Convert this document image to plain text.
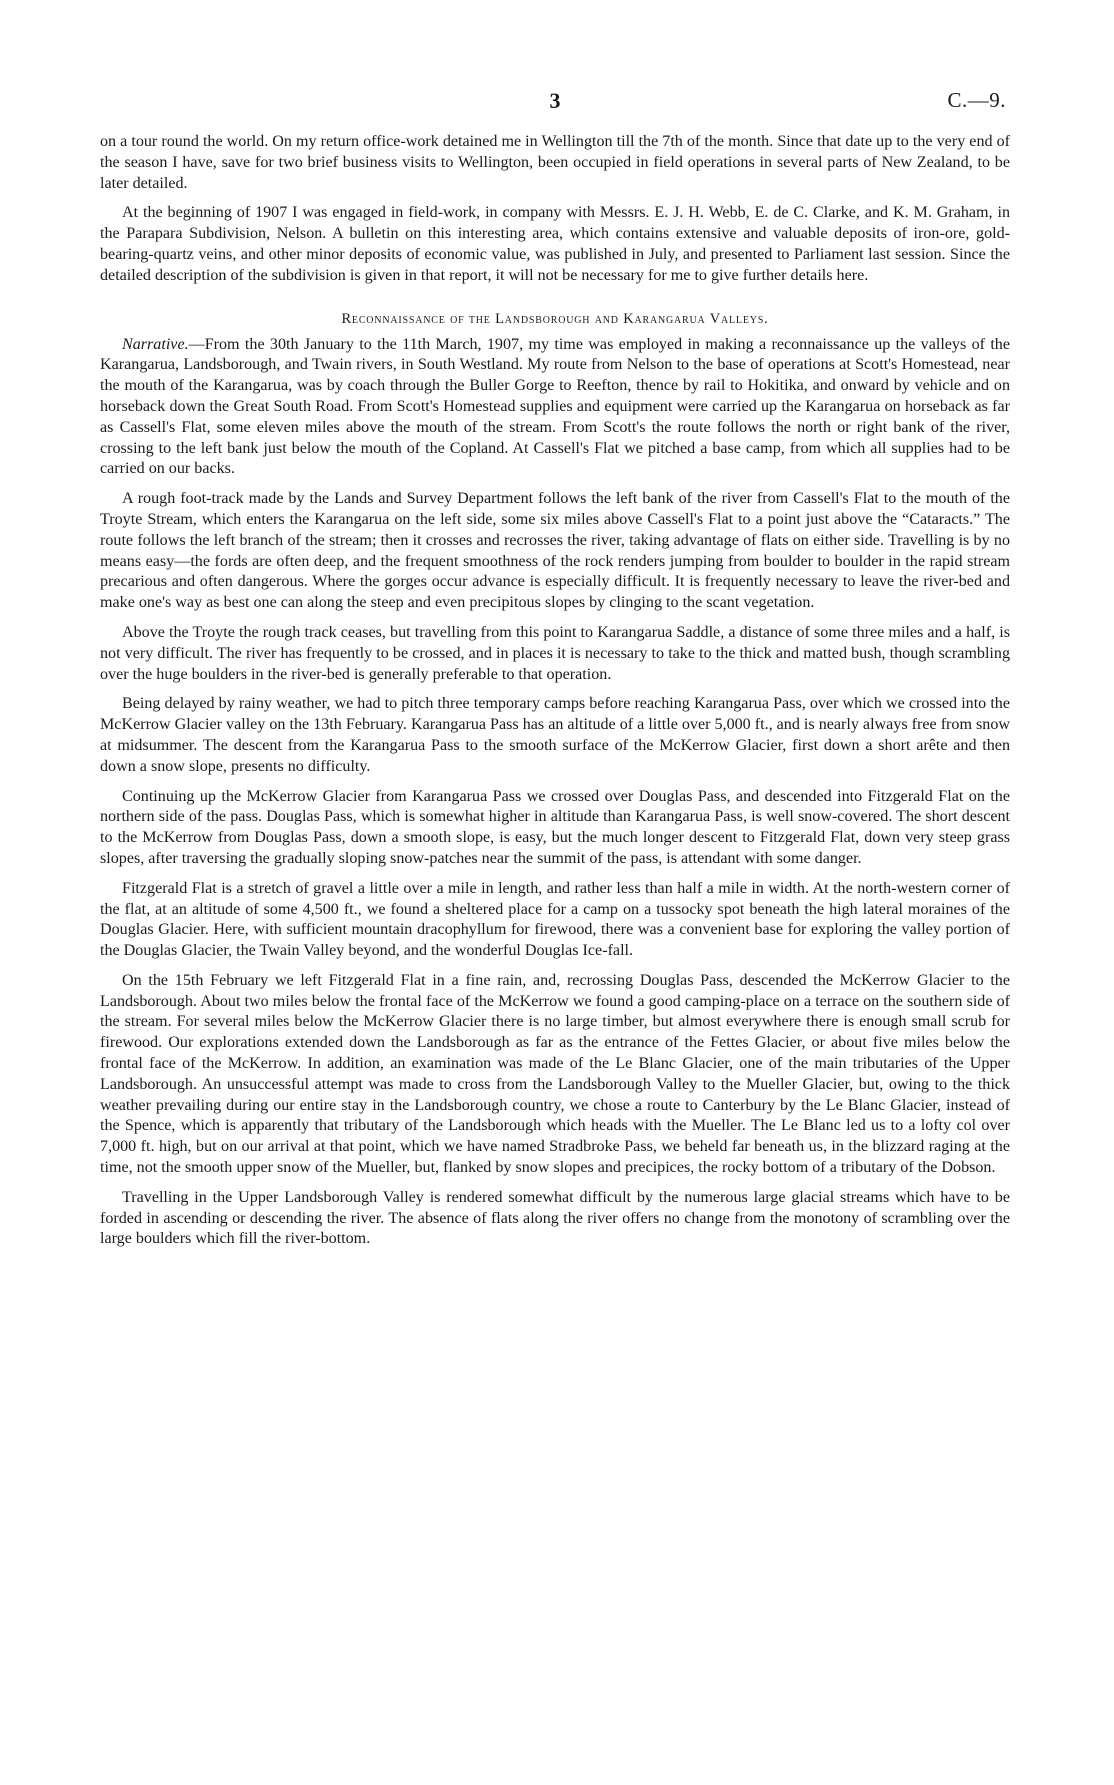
3	C.—9.

on a tour round the world. On my return office-work detained me in Wellington till the 7th of the month. Since that date up to the very end of the season I have, save for two brief business visits to Wellington, been occupied in field operations in several parts of New Zealand, to be later detailed.

At the beginning of 1907 I was engaged in field-work, in company with Messrs. E. J. H. Webb, E. de C. Clarke, and K. M. Graham, in the Parapara Subdivision, Nelson. A bulletin on this interesting area, which contains extensive and valuable deposits of iron-ore, gold-bearing-quartz veins, and other minor deposits of economic value, was published in July, and presented to Parliament last session. Since the detailed description of the subdivision is given in that report, it will not be necessary for me to give further details here.

Reconnaissance of the Landsborough and Karangarua Valleys.

Narrative.—From the 30th January to the 11th March, 1907, my time was employed in making a reconnaissance up the valleys of the Karangarua, Landsborough, and Twain rivers, in South Westland. My route from Nelson to the base of operations at Scott's Homestead, near the mouth of the Karangarua, was by coach through the Buller Gorge to Reefton, thence by rail to Hokitika, and onward by vehicle and on horseback down the Great South Road. From Scott's Homestead supplies and equipment were carried up the Karangarua on horseback as far as Cassell's Flat, some eleven miles above the mouth of the stream. From Scott's the route follows the north or right bank of the river, crossing to the left bank just below the mouth of the Copland. At Cassell's Flat we pitched a base camp, from which all supplies had to be carried on our backs.

A rough foot-track made by the Lands and Survey Department follows the left bank of the river from Cassell's Flat to the mouth of the Troyte Stream, which enters the Karangarua on the left side, some six miles above Cassell's Flat to a point just above the “Cataracts.” The route follows the left branch of the stream; then it crosses and recrosses the river, taking advantage of flats on either side. Travelling is by no means easy—the fords are often deep, and the frequent smoothness of the rock renders jumping from boulder to boulder in the rapid stream precarious and often dangerous. Where the gorges occur advance is especially difficult. It is frequently necessary to leave the river-bed and make one's way as best one can along the steep and even precipitous slopes by clinging to the scant vegetation.

Above the Troyte the rough track ceases, but travelling from this point to Karangarua Saddle, a distance of some three miles and a half, is not very difficult. The river has frequently to be crossed, and in places it is necessary to take to the thick and matted bush, though scrambling over the huge boulders in the river-bed is generally preferable to that operation.

Being delayed by rainy weather, we had to pitch three temporary camps before reaching Karangarua Pass, over which we crossed into the McKerrow Glacier valley on the 13th February. Karangarua Pass has an altitude of a little over 5,000 ft., and is nearly always free from snow at midsummer. The descent from the Karangarua Pass to the smooth surface of the McKerrow Glacier, first down a short arête and then down a snow slope, presents no difficulty.

Continuing up the McKerrow Glacier from Karangarua Pass we crossed over Douglas Pass, and descended into Fitzgerald Flat on the northern side of the pass. Douglas Pass, which is somewhat higher in altitude than Karangarua Pass, is well snow-covered. The short descent to the McKerrow from Douglas Pass, down a smooth slope, is easy, but the much longer descent to Fitzgerald Flat, down very steep grass slopes, after traversing the gradually sloping snow-patches near the summit of the pass, is attendant with some danger.

Fitzgerald Flat is a stretch of gravel a little over a mile in length, and rather less than half a mile in width. At the north-western corner of the flat, at an altitude of some 4,500 ft., we found a sheltered place for a camp on a tussocky spot beneath the high lateral moraines of the Douglas Glacier. Here, with sufficient mountain dracophyllum for firewood, there was a convenient base for exploring the valley portion of the Douglas Glacier, the Twain Valley beyond, and the wonderful Douglas Ice-fall.

On the 15th February we left Fitzgerald Flat in a fine rain, and, recrossing Douglas Pass, descended the McKerrow Glacier to the Landsborough. About two miles below the frontal face of the McKerrow we found a good camping-place on a terrace on the southern side of the stream. For several miles below the McKerrow Glacier there is no large timber, but almost everywhere there is enough small scrub for firewood. Our explorations extended down the Landsborough as far as the entrance of the Fettes Glacier, or about five miles below the frontal face of the McKerrow. In addition, an examination was made of the Le Blanc Glacier, one of the main tributaries of the Upper Landsborough. An unsuccessful attempt was made to cross from the Landsborough Valley to the Mueller Glacier, but, owing to the thick weather prevailing during our entire stay in the Landsborough country, we chose a route to Canterbury by the Le Blanc Glacier, instead of the Spence, which is apparently that tributary of the Landsborough which heads with the Mueller. The Le Blanc led us to a lofty col over 7,000 ft. high, but on our arrival at that point, which we have named Stradbroke Pass, we beheld far beneath us, in the blizzard raging at the time, not the smooth upper snow of the Mueller, but, flanked by snow slopes and precipices, the rocky bottom of a tributary of the Dobson.

Travelling in the Upper Landsborough Valley is rendered somewhat difficult by the numerous large glacial streams which have to be forded in ascending or descending the river. The absence of flats along the river offers no change from the monotony of scrambling over the large boulders which fill the river-bottom.
